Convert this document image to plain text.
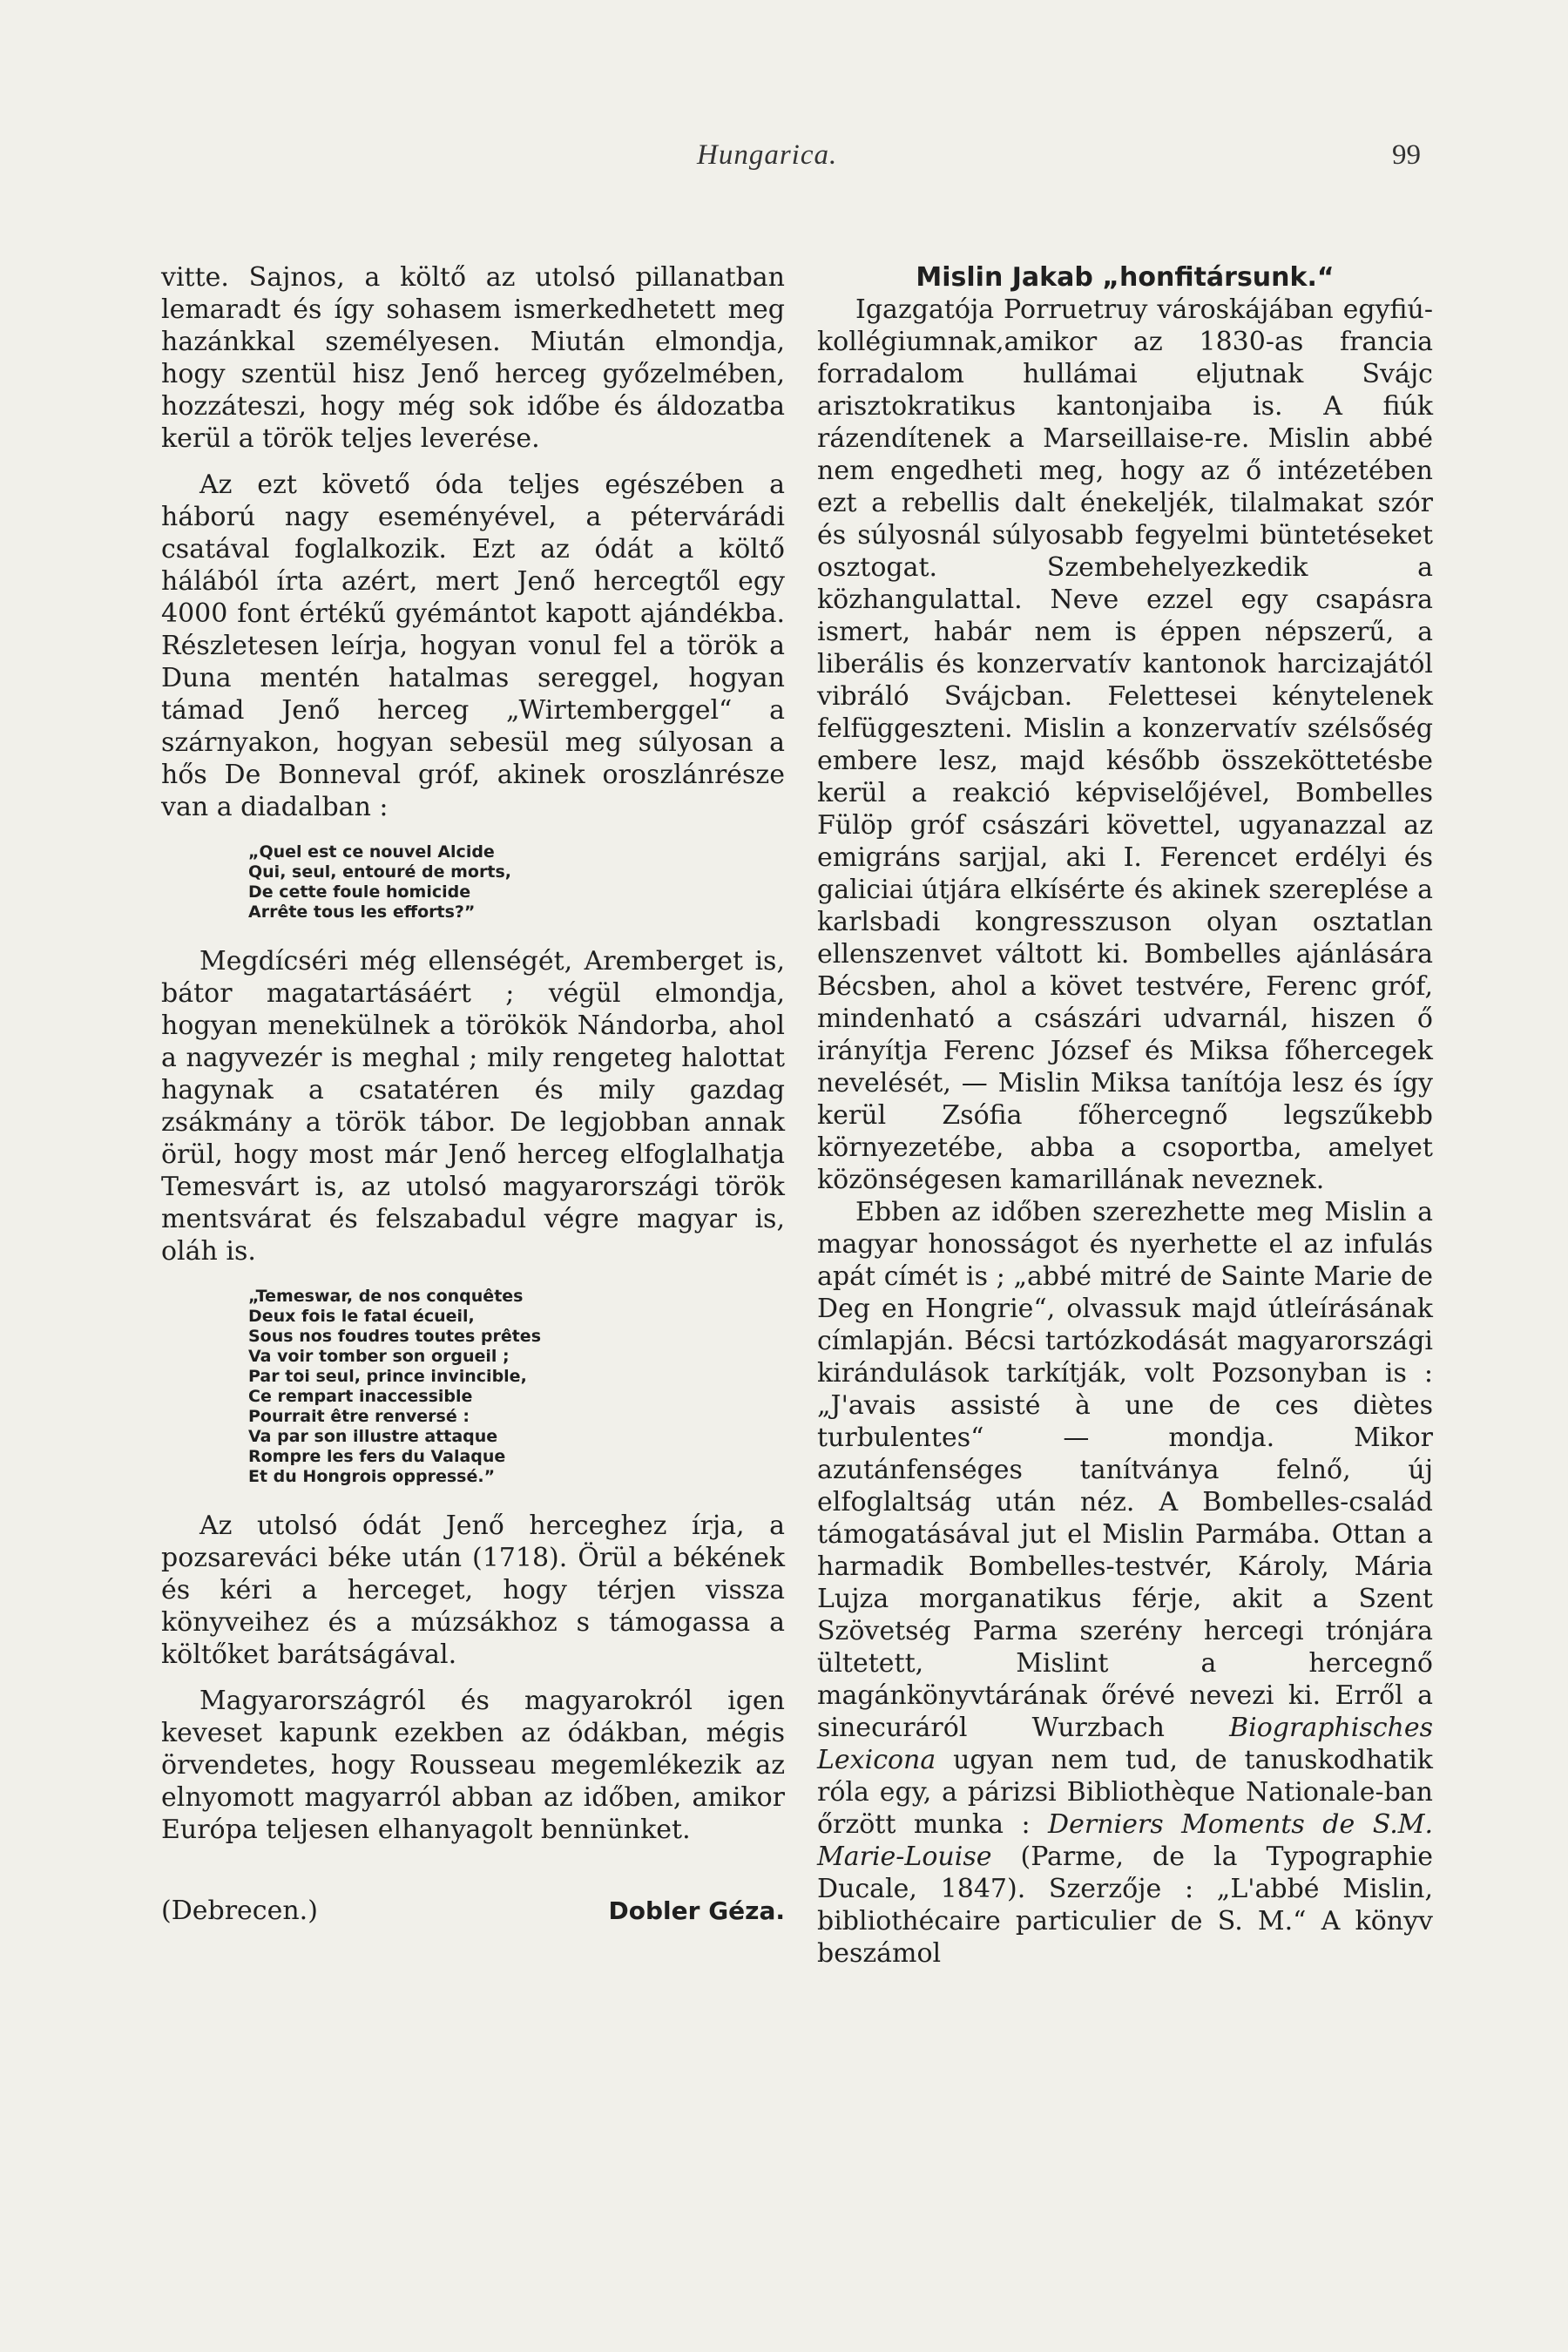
Hungarica.	99

vitte. Sajnos, a költő az utolsó pillanatban lemaradt és így sohasem ismerkedhetett meg hazánkkal személyesen. Miután elmondja, hogy szentül hisz Jenő herceg győzelmében, hozzáteszi, hogy még sok időbe és áldozatba kerül a török teljes leverése.

Az ezt követő óda teljes egészében a háború nagy eseményével, a pétervárádi csatával foglalkozik. Ezt az ódát a költő hálából írta azért, mert Jenő hercegtől egy 4000 font értékű gyémántot kapott ajándékba. Részletesen leírja, hogyan vonul fel a török a Duna mentén hatalmas sereggel, hogyan támad Jenő herceg „Wirtemberggel“ a szárnyakon, hogyan sebesül meg súlyosan a hős De Bonneval gróf, akinek oroszlánrésze van a diadalban :

„Quel est ce nouvel Alcide
Qui, seul, entouré de morts,
De cette foule homicide
Arrête tous les efforts?”

Megdícséri még ellenségét, Aremberget is, bátor magatartásáért ; végül elmondja, hogyan menekülnek a törökök Nándorba, ahol a nagyvezér is meghal ; mily rengeteg halottat hagynak a csatatéren és mily gazdag zsákmány a török tábor. De legjobban annak örül, hogy most már Jenő herceg elfoglalhatja Temesvárt is, az utolsó magyarországi török mentsvárat és felszabadul végre magyar is, oláh is.

„Temeswar, de nos conquêtes
Deux fois le fatal écueil,
Sous nos foudres toutes prêtes
Va voir tomber son orgueil ;
Par toi seul, prince invincible,
Ce rempart inaccessible
Pourrait être renversé :
Va par son illustre attaque
Rompre les fers du Valaque
Et du Hongrois oppressé.”

Az utolsó ódát Jenő herceghez írja, a pozsareváci béke után (1718). Örül a békének és kéri a herceget, hogy térjen vissza könyveihez és a múzsákhoz s támogassa a költőket barátságával.

Magyarországról és magyarokról igen keveset kapunk ezekben az ódákban, mégis örvendetes, hogy Rousseau megemlékezik az elnyomott magyarról abban az időben, amikor Európa teljesen elhanyagolt bennünket.

(Debrecen.)	Dobler Géza.

Mislin Jakab „honfitársunk.“

Igazgatója Porruetruy városkájában egyfiú-kollégiumnak,amikor az 1830-as francia forradalom hullámai eljutnak Svájc arisztokratikus kantonjaiba is. A fiúk rázendítenek a Marseillaise-re. Mislin abbé nem engedheti meg, hogy az ő intézetében ezt a rebellis dalt énekeljék, tilalmakat szór és súlyosnál súlyosabb fegyelmi büntetéseket osztogat. Szembehelyezkedik a közhangulattal. Neve ezzel egy csapásra ismert, habár nem is éppen népszerű, a liberális és konzervatív kantonok harcizajától vibráló Svájcban. Felettesei kénytelenek felfüggeszteni. Mislin a konzervatív szélsőség embere lesz, majd később összeköttetésbe kerül a reakció képviselőjével, Bombelles Fülöp gróf császári követtel, ugyanazzal az emigráns sarjjal, aki I. Ferencet erdélyi és galiciai útjára elkísérte és akinek szereplése a karlsbadi kongresszuson olyan osztatlan ellenszenvet váltott ki. Bombelles ajánlására Bécsben, ahol a követ testvére, Ferenc gróf, mindenható a császári udvarnál, hiszen ő irányítja Ferenc József és Miksa főhercegek nevelését, — Mislin Miksa tanítója lesz és így kerül Zsófia főhercegnő legszűkebb környezetébe, abba a csoportba, amelyet közönségesen kamarillának neveznek.

Ebben az időben szerezhette meg Mislin a magyar honosságot és nyerhette el az infulás apát címét is ; „abbé mitré de Sainte Marie de Deg en Hongrie“, olvassuk majd útleírásának címlapján. Bécsi tartózkodását magyarországi kirándulások tarkítják, volt Pozsonyban is : „J'avais assisté à une de ces diètes turbulentes“ — mondja. Mikor azutánfenséges tanítványa felnő, új elfoglaltság után néz. A Bombelles-család támogatásával jut el Mislin Parmába. Ottan a harmadik Bombelles-testvér, Károly, Mária Lujza morganatikus férje, akit a Szent Szövetség Parma szerény hercegi trónjára ültetett, Mislint a hercegnő magánkönyvtárának őrévé nevezi ki. Erről a sinecuráról Wurzbach Biographisches Lexicona ugyan nem tud, de tanuskodhatik róla egy, a párizsi Bibliothèque Nationale-ban őrzött munka : Derniers Moments de S.M. Marie-Louise (Parme, de la Typographie Ducale, 1847). Szerzője : „L'abbé Mislin, bibliothécaire particulier de S. M.“ A könyv beszámol
